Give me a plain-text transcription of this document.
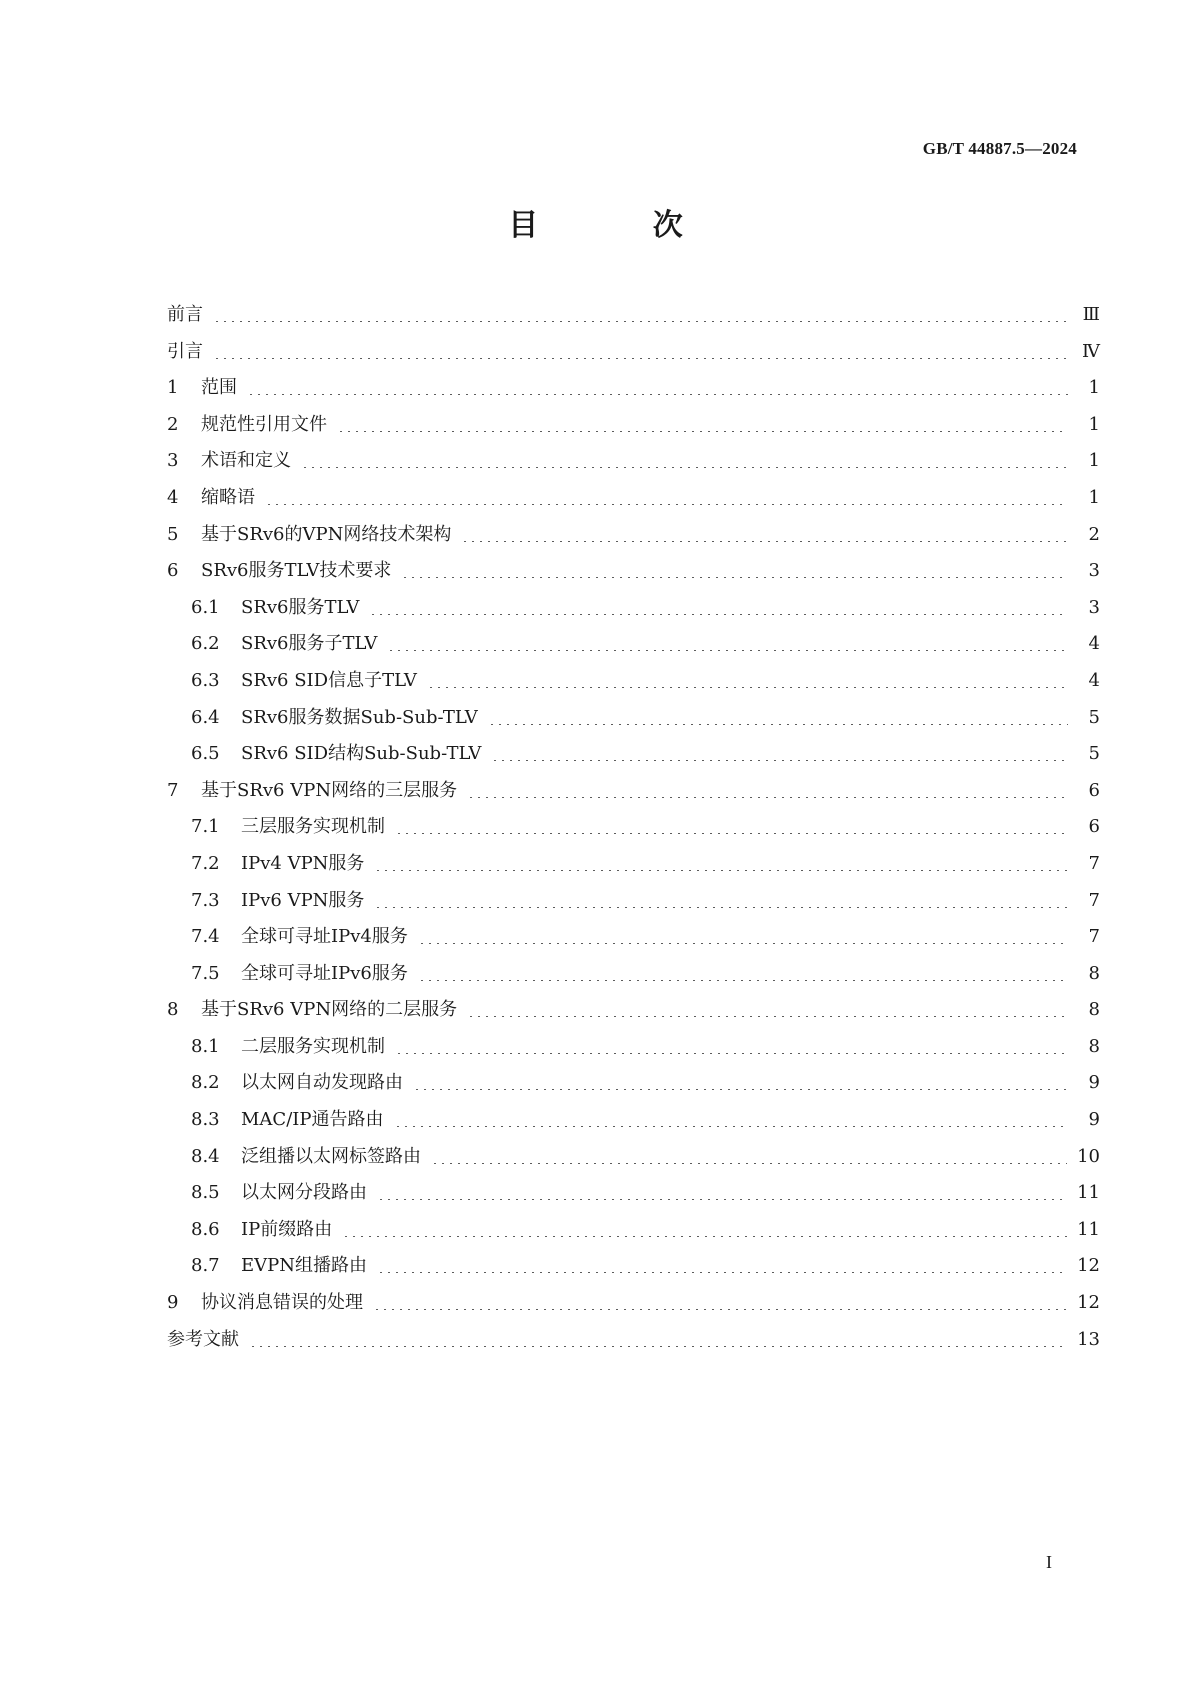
GB/T 44887.5—2024
目 次
前言	Ⅲ
引言	Ⅳ
1	范围	1
2	规范性引用文件	1
3	术语和定义	1
4	缩略语	1
5	基于SRv6的VPN网络技术架构	2
6	SRv6服务TLV技术要求	3
6.1	SRv6服务TLV	3
6.2	SRv6服务子TLV	4
6.3	SRv6 SID信息子TLV	4
6.4	SRv6服务数据Sub-Sub-TLV	5
6.5	SRv6 SID结构Sub-Sub-TLV	5
7	基于SRv6 VPN网络的三层服务	6
7.1	三层服务实现机制	6
7.2	IPv4 VPN服务	7
7.3	IPv6 VPN服务	7
7.4	全球可寻址IPv4服务	7
7.5	全球可寻址IPv6服务	8
8	基于SRv6 VPN网络的二层服务	8
8.1	二层服务实现机制	8
8.2	以太网自动发现路由	9
8.3	MAC/IP通告路由	9
8.4	泛组播以太网标签路由	10
8.5	以太网分段路由	11
8.6	IP前缀路由	11
8.7	EVPN组播路由	12
9	协议消息错误的处理	12
参考文献	13
I
